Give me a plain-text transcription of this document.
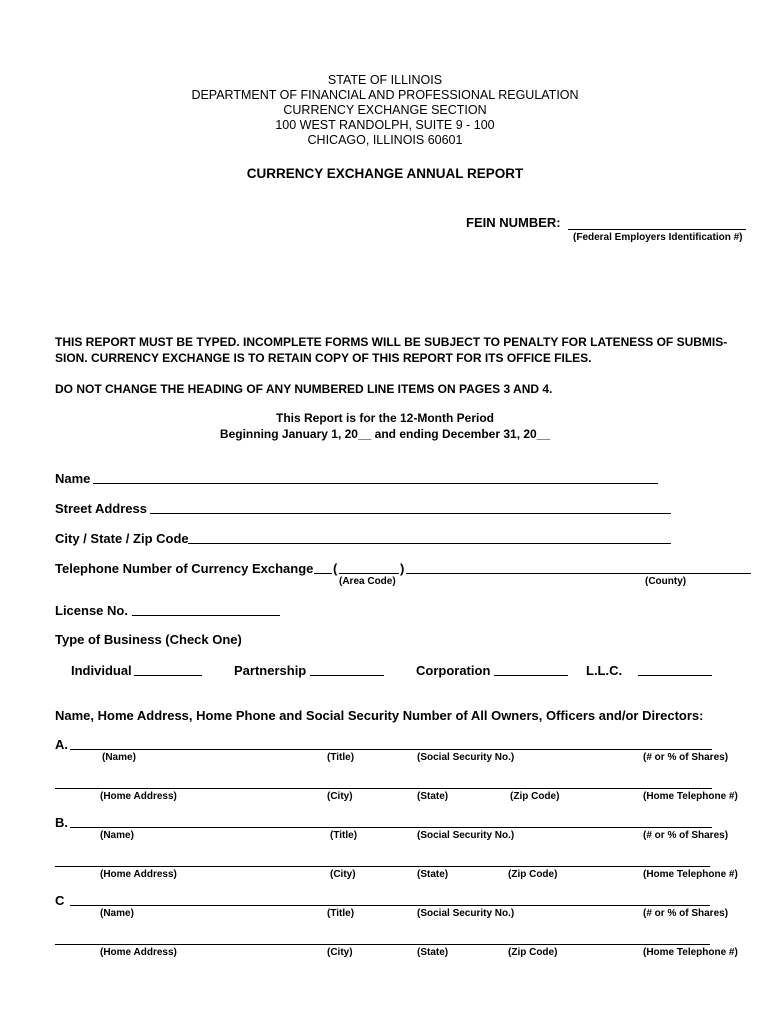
STATE OF ILLINOIS
DEPARTMENT OF FINANCIAL AND PROFESSIONAL REGULATION
CURRENCY EXCHANGE SECTION
100 WEST RANDOLPH, SUITE 9 - 100
CHICAGO, ILLINOIS 60601
CURRENCY EXCHANGE ANNUAL REPORT
FEIN NUMBER:
(Federal Employers Identification #)
THIS REPORT MUST BE TYPED. INCOMPLETE FORMS WILL BE SUBJECT TO PENALTY FOR LATENESS OF SUBMIS-
SION. CURRENCY EXCHANGE IS TO RETAIN COPY OF THIS REPORT FOR ITS OFFICE FILES.
DO NOT CHANGE THE HEADING OF ANY NUMBERED LINE ITEMS ON PAGES 3 AND 4.
This Report is for the 12-Month Period
Beginning January 1, 20__ and ending December 31, 20__
Name
Street Address
City / State / Zip Code
Telephone Number of Currency Exchange (	)
(Area Code)	(County)
License No.
Type of Business (Check One)
Individual	Partnership	Corporation	L.L.C.
Name, Home Address, Home Phone and Social Security Number of All Owners, Officers and/or Directors:
A.
(Name)	(Title)	(Social Security No.)	(# or % of Shares)
(Home Address)	(City)	(State)	(Zip Code)	(Home Telephone #)
B.
(Name)	(Title)	(Social Security No.)	(# or % of Shares)
(Home Address)	(City)	(State)	(Zip Code)	(Home Telephone #)
C
(Name)	(Title)	(Social Security No.)	(# or % of Shares)
(Home Address)	(City)	(State)	(Zip Code)	(Home Telephone #)
